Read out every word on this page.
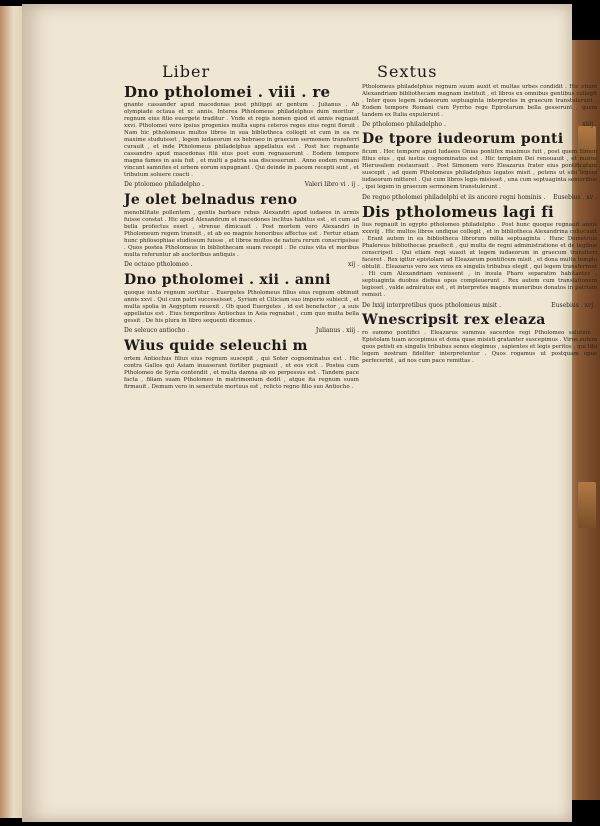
Liber	Sextus
Dno ptholomei . viii . re
gnante cassander apud macedonas post philippi ar gentum . Julianus . Ab olympiade octaua et xc annis. Interea Ptholomeus philadelphus dum moritur , regnum eius filio euergete traditur . Vnde et regis nomen quod et annis regnauit xxvi. Ptholomei vero ipsius progenies multa supra ceteros reges eius regni floruit . Nam hic ptholomeus multos libros in sua bibliotheca collegit et cum in ea re maxime studuisset , legem iudaeorum ex hebraeo in graecum sermonem transferri curauit , et inde Ptholomeus philadelphus appellatus est . Post hec regnante cassandro apud macedonas filii eius post eum regnauerunt . Eodem tempore magna fames in asia fuit , et multi a patria sua discesserunt . Anno eodem romani vincunt samnites et urbem eorum expugnant . Qui deinde in pacem recepti sunt , et tributum soluere coacti .
De ptolomeo philadelpho .	Valeri libro vi . ij .
Je olet belnadus reno
menobilitate pollentem , gentis barbare rebus Alexandri apud iudaeos in armis fuisse constat . Hic apud Alexandrum et macedones inclitus habitus est , et cum ad bella profectus esset , strenue dimicauit . Post mortem vero Alexandri in Ptholomeum regem transiit , et ab eo magnis honoribus affectus est . Fertur etiam hunc philosophiae studiosum fuisse , et libros multos de natura rerum conscripsisse . Quos postea Ptholomeus in bibliothecam suam recepit . De cuius vita et moribus multa referuntur ab auctoribus antiquis .
De octauo ptholomeo .	xij .
Dno ptholomei . xii . anni
quoque iuxta regnum sortitur . Euergetes Ptholomeus filius eius regnum obtinuit annis xxvi . Qui cum patri successisset , Syriam et Ciliciam suo imperio subiecit , et multa spolia in Aegyptum reuexit . Ob quod Euergetes , id est benefactor , a suis appellatus est . Eius temporibus Antiochus in Asia regnabat , cum quo multa bella gessit . De his plura in libro sequenti dicemus .
De seleuco antiocho .	Julianus . xiij .
Wius quide seleuchi m
ortem Antiochus filius eius regnum suscepit , qui Soter cognominatus est . Hic contra Gallos qui Asiam inuaserant fortiter pugnauit , et eos vicit . Postea cum Ptholomeo de Syria contendit , et multa damna ab eo perpessus est . Tandem pace facta , filiam suam Ptholomeo in matrimonium dedit , atque ita regnum suum firmauit . Demum vero in senectute mortuus est , relicto regno filio suo Antiocho .
Ptholomeus philadelphus regnum suum auxit et multas urbes condidit . Hic etiam Alexandriam bibliothecam magnam instituit , et libros ex omnibus gentibus collegit . Inter quos legem iudaeorum septuaginta interpretes in graecum transtulerunt . Eodem tempore Romani cum Pyrrho rege Epirotarum bella gesserunt , quem tandem ex Italia expulerunt .
De ptholomeo philadelpho .	xiiij .
De tpore iudeorum ponti
ficum . Hoc tempore apud Iudaeos Onias pontifex maximus fuit , post quem Simon filius eius , qui iustus cognominatus est . Hic templum Dei renouauit , et muros Hierusalem restaurauit . Post Simonem vero Eleazarus frater eius pontificatum suscepit , ad quem Ptholomeus philadelphus legatos misit , petens ut sibi legem iudaeorum mitteret . Qui cum libros legis misisset , una cum septuaginta senioribus , ipsi legem in graecum sermonem transtulerunt .
De regno ptholomei philadelphi et iis ancore regni hominis . Eusebius . xv .
Dis ptholomeus lagi fi
lius regnauit in egypto ptholomeo philadelpho . Post hunc quoque regnauit annis xxxviij . Hic multos libros undique collegit , et in bibliotheca Alexandrina collocauit . Erant autem in ea bibliotheca librorum milia septuaginta . Hunc Demetrius Phalereus bibliothecae praefecit , qui multa de regni administratione et de legibus conscripsit . Qui etiam regi suasit ut legem iudaeorum in graecum transferri faceret . Rex igitur epistolam ad Eleazarum pontificem misit , et dona multa templo obtulit . Eleazarus vero sex viros ex singulis tribubus elegit , qui legem transferrent . Hi cum Alexandriam venissent , in insula Pharo separatim habitantes , septuaginta duobus diebus opus compleuerunt . Rex autem cum translationem legisset , valde admiratus est , et interpretes magnis muneribus donatos in patriam remisit .
De lxxij interpretibus quos ptholomeus misit .	Eusebius . xvj .
Wnescripsit rex eleaza
ro summo pontifici . Eleazarus summus sacerdos regi Ptholomeo salutem . Epistolam tuam accepimus et dona quae misisti gratanter suscepimus . Viros autem quos petisti ex singulis tribubus senos elegimus , sapientes et legis peritos , qui tibi legem nostram fideliter interpretentur . Quos rogamus ut postquam opus perfecerint , ad nos cum pace remittas .
